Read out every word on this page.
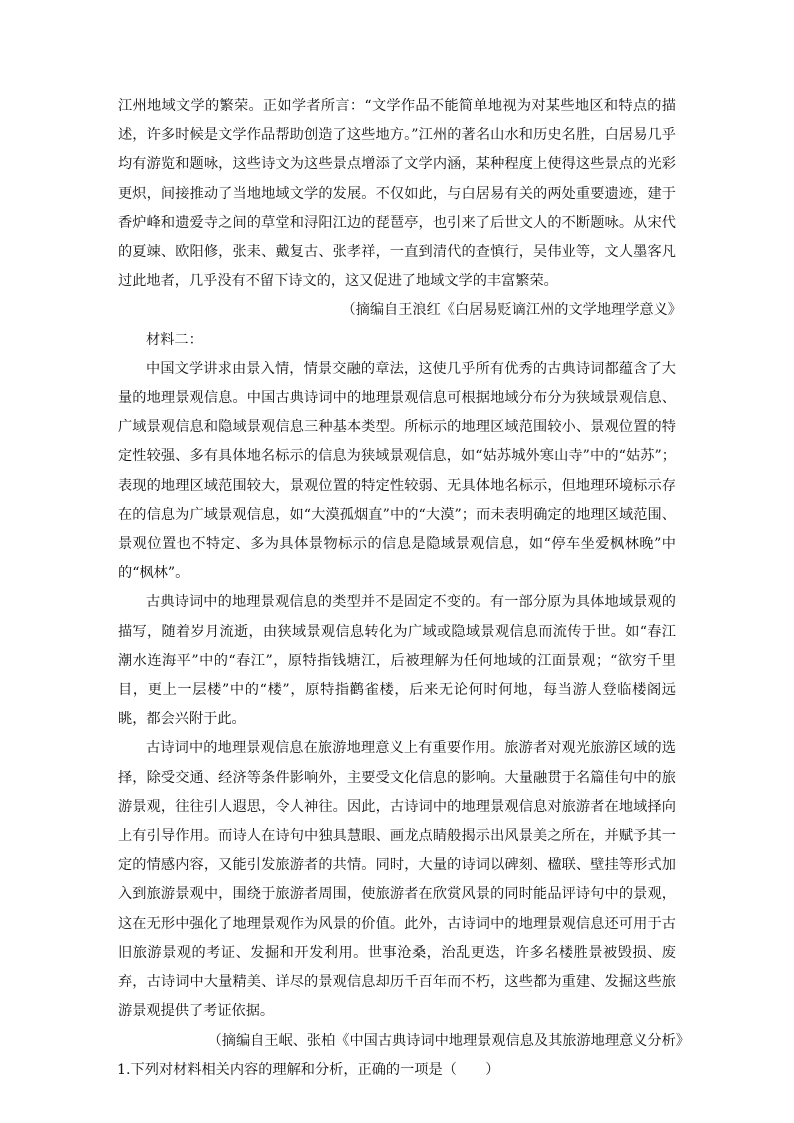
江州地域文学的繁荣。正如学者所言：“文学作品不能简单地视为对某些地区和特点的描述，许多时候是文学作品帮助创造了这些地方。”江州的著名山水和历史名胜，白居易几乎均有游览和题咏，这些诗文为这些景点增添了文学内涵，某种程度上使得这些景点的光彩更炽，间接推动了当地地域文学的发展。不仅如此，与白居易有关的两处重要遗迹，建于香炉峰和遗爱寺之间的草堂和浔阳江边的琵琶亭，也引来了后世文人的不断题咏。从宋代的夏竦、欧阳修，张耒、戴复古、张孝祥，一直到清代的查慎行，吴伟业等，文人墨客凡过此地者，几乎没有不留下诗文的，这又促进了地域文学的丰富繁荣。

（摘编自王浪红《白居易贬谪江州的文学地理学意义》

材料二：

中国文学讲求由景入情，情景交融的章法，这使几乎所有优秀的古典诗词都蕴含了大量的地理景观信息。中国古典诗词中的地理景观信息可根据地域分布分为狭域景观信息、广域景观信息和隐域景观信息三种基本类型。所标示的地理区域范围较小、景观位置的特定性较强、多有具体地名标示的信息为狭域景观信息，如“姑苏城外寒山寺”中的“姑苏”；表现的地理区域范围较大，景观位置的特定性较弱、无具体地名标示，但地理环境标示存在的信息为广域景观信息，如“大漠孤烟直”中的“大漠”；而未表明确定的地理区域范围、景观位置也不特定、多为具体景物标示的信息是隐域景观信息，如“停车坐爱枫林晚”中的“枫林”。

古典诗词中的地理景观信息的类型并不是固定不变的。有一部分原为具体地域景观的描写，随着岁月流逝，由狭域景观信息转化为广域或隐域景观信息而流传于世。如“春江潮水连海平”中的“春江”，原特指钱塘江，后被理解为任何地域的江面景观；“欲穷千里目，更上一层楼”中的“楼”，原特指鹳雀楼，后来无论何时何地，每当游人登临楼阁远眺，都会兴附于此。

古诗词中的地理景观信息在旅游地理意义上有重要作用。旅游者对观光旅游区域的选择，除受交通、经济等条件影响外，主要受文化信息的影响。大量融贯于名篇佳句中的旅游景观，往往引人遐思，令人神往。因此，古诗词中的地理景观信息对旅游者在地域择向上有引导作用。而诗人在诗句中独具慧眼、画龙点睛般揭示出风景美之所在，并赋予其一定的情感内容，又能引发旅游者的共情。同时，大量的诗词以碑刻、楹联、壁挂等形式加入到旅游景观中，围绕于旅游者周围，使旅游者在欣赏风景的同时能品评诗句中的景观，这在无形中强化了地理景观作为风景的价值。此外，古诗词中的地理景观信息还可用于古旧旅游景观的考证、发掘和开发利用。世事沧桑，治乱更迭，许多名楼胜景被毁损、废弃，古诗词中大量精美、详尽的景观信息却历千百年而不朽，这些都为重建、发掘这些旅游景观提供了考证依据。

（摘编自王岷、张柏《中国古典诗词中地理景观信息及其旅游地理意义分析》

1.下列对材料相关内容的理解和分析，正确的一项是（　　）
